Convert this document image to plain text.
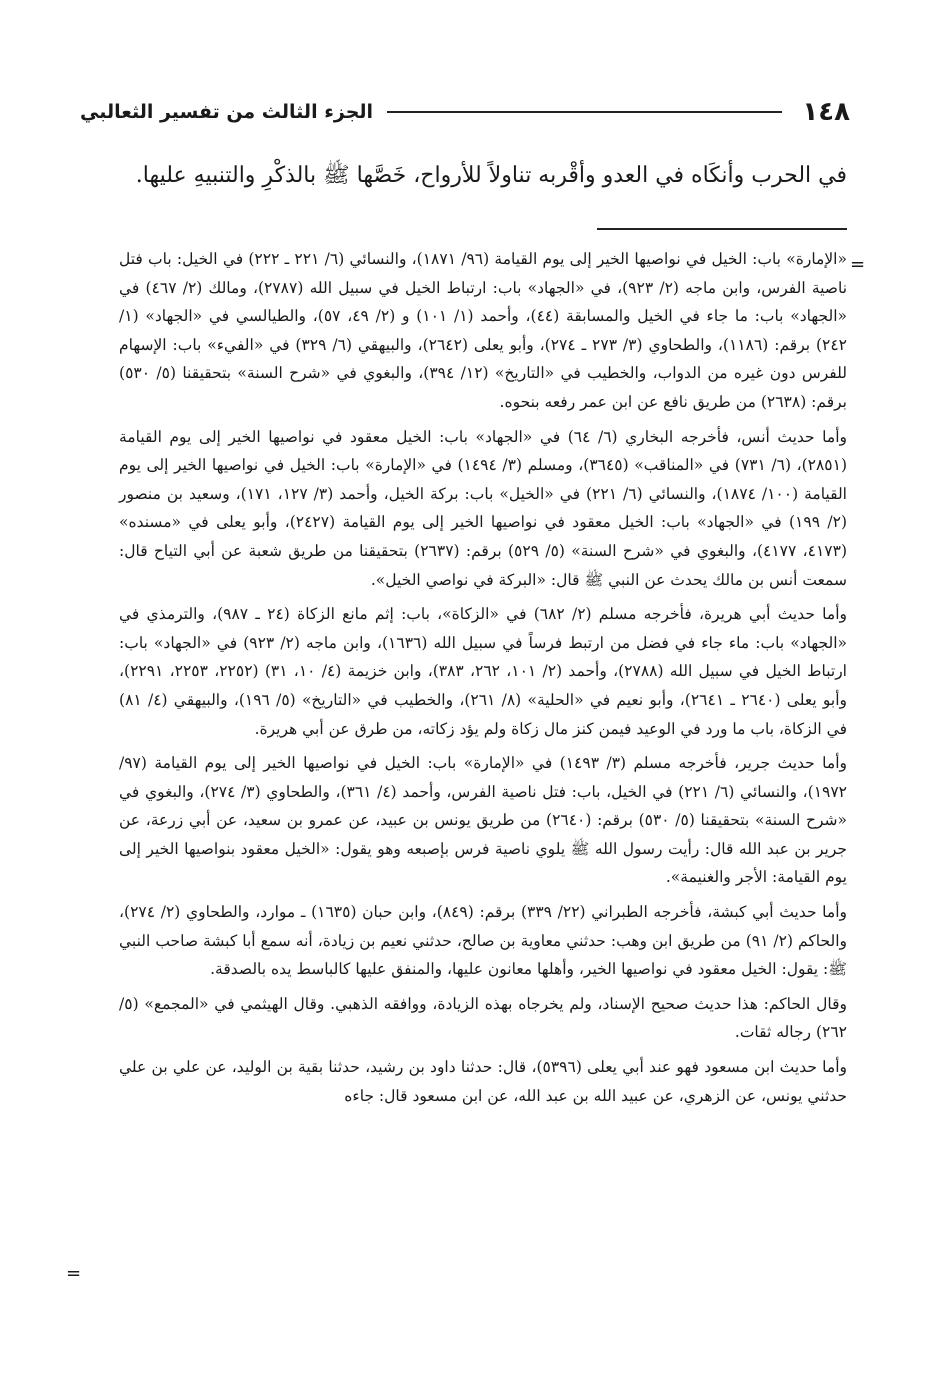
١٤٨
الجزء الثالث من تفسير الثعالبي
في الحرب وأنكَاه في العدو وأقْربه تناولاً للأرواح، خَصَّها ﷺ بالذكْرِ والتنبيهِ عليها.
=

«الإمارة» باب: الخيل في نواصيها الخير إلى يوم القيامة (٩٦/ ١٨٧١)، والنسائي (٦/ ٢٢١ ـ ٢٢٢) في الخيل: باب فتل ناصية الفرس، وابن ماجه (٢/ ٩٢٣)، في «الجهاد» باب: ارتباط الخيل في سبيل الله (٢٧٨٧)، ومالك (٢/ ٤٦٧) في «الجهاد» باب: ما جاء في الخيل والمسابقة (٤٤)، وأحمد (١/ ١٠١) و (٢/ ٤٩، ٥٧)، والطيالسي في «الجهاد» (١/ ٢٤٢) برقم: (١١٨٦)، والطحاوي (٣/ ٢٧٣ ـ ٢٧٤)، وأبو يعلى (٢٦٤٢)، والبيهقي (٦/ ٣٢٩) في «الفيء» باب: الإسهام للفرس دون غيره من الدواب، والخطيب في «التاريخ» (١٢/ ٣٩٤)، والبغوي في «شرح السنة» بتحقيقنا (٥/ ٥٣٠) برقم: (٢٦٣٨) من طريق نافع عن ابن عمر رفعه بنحوه.

وأما حديث أنس، فأخرجه البخاري (٦/ ٦٤) في «الجهاد» باب: الخيل معقود في نواصيها الخير إلى يوم القيامة (٢٨٥١)، (٦/ ٧٣١) في «المناقب» (٣٦٤٥)، ومسلم (٣/ ١٤٩٤) في «الإمارة» باب: الخيل في نواصيها الخير إلى يوم القيامة (١٠٠/ ١٨٧٤)، والنسائي (٦/ ٢٢١) في «الخيل» باب: بركة الخيل، وأحمد (٣/ ١٢٧، ١٧١)، وسعيد بن منصور (٢/ ١٩٩) في «الجهاد» باب: الخيل معقود في نواصيها الخير إلى يوم القيامة (٢٤٢٧)، وأبو يعلى في «مسنده» (٤١٧٣، ٤١٧٧)، والبغوي في «شرح السنة» (٥/ ٥٢٩) برقم: (٢٦٣٧) بتحقيقنا من طريق شعبة عن أبي التياح قال: سمعت أنس بن مالك يحدث عن النبي ﷺ قال: «البركة في نواصي الخيل».

وأما حديث أبي هريرة، فأخرجه مسلم (٢/ ٦٨٢) في «الزكاة»، باب: إثم مانع الزكاة (٢٤ ـ ٩٨٧)، والترمذي في «الجهاد» باب: ماء جاء في فضل من ارتبط فرساً في سبيل الله (١٦٣٦)، وابن ماجه (٢/ ٩٢٣) في «الجهاد» باب: ارتباط الخيل في سبيل الله (٢٧٨٨)، وأحمد (٢/ ١٠١، ٢٦٢، ٣٨٣)، وابن خزيمة (٤/ ١٠، ٣١) (٢٢٥٢، ٢٢٥٣، ٢٢٩١)، وأبو يعلى (٢٦٤٠ ـ ٢٦٤١)، وأبو نعيم في «الحلية» (٨/ ٢٦١)، والخطيب في «التاريخ» (٥/ ١٩٦)، والبيهقي (٤/ ٨١) في الزكاة، باب ما ورد في الوعيد فيمن كنز مال زكاة ولم يؤد زكاته، من طرق عن أبي هريرة.

وأما حديث جرير، فأخرجه مسلم (٣/ ١٤٩٣) في «الإمارة» باب: الخيل في نواصيها الخير إلى يوم القيامة (٩٧/ ١٩٧٢)، والنسائي (٦/ ٢٢١) في الخيل، باب: فتل ناصية الفرس، وأحمد (٤/ ٣٦١)، والطحاوي (٣/ ٢٧٤)، والبغوي في «شرح السنة» بتحقيقنا (٥/ ٥٣٠) برقم: (٢٦٤٠) من طريق يونس بن عبيد، عن عمرو بن سعيد، عن أبي زرعة، عن جرير بن عبد الله قال: رأيت رسول الله ﷺ يلوي ناصية فرس بإصبعه وهو يقول: «الخيل معقود بنواصيها الخير إلى يوم القيامة: الأجر والغنيمة».

وأما حديث أبي كبشة، فأخرجه الطبراني (٢٢/ ٣٣٩) برقم: (٨٤٩)، وابن حبان (١٦٣٥) ـ موارد، والطحاوي (٢/ ٢٧٤)، والحاكم (٢/ ٩١) من طريق ابن وهب: حدثني معاوية بن صالح، حدثني نعيم بن زيادة، أنه سمع أبا كبشة صاحب النبي ﷺ: يقول: الخيل معقود في نواصيها الخير، وأهلها معانون عليها، والمنفق عليها كالباسط يده بالصدقة.

وقال الحاكم: هذا حديث صحيح الإسناد، ولم يخرجاه بهذه الزيادة، ووافقه الذهبي. وقال الهيثمي في «المجمع» (٥/ ٢٦٢) رجاله ثقات.

وأما حديث ابن مسعود فهو عند أبي يعلى (٥٣٩٦)، قال: حدثنا داود بن رشيد، حدثنا بقية بن الوليد، عن علي بن علي حدثني يونس، عن الزهري، عن عبيد الله بن عبد الله، عن ابن مسعود قال: جاءه

=
